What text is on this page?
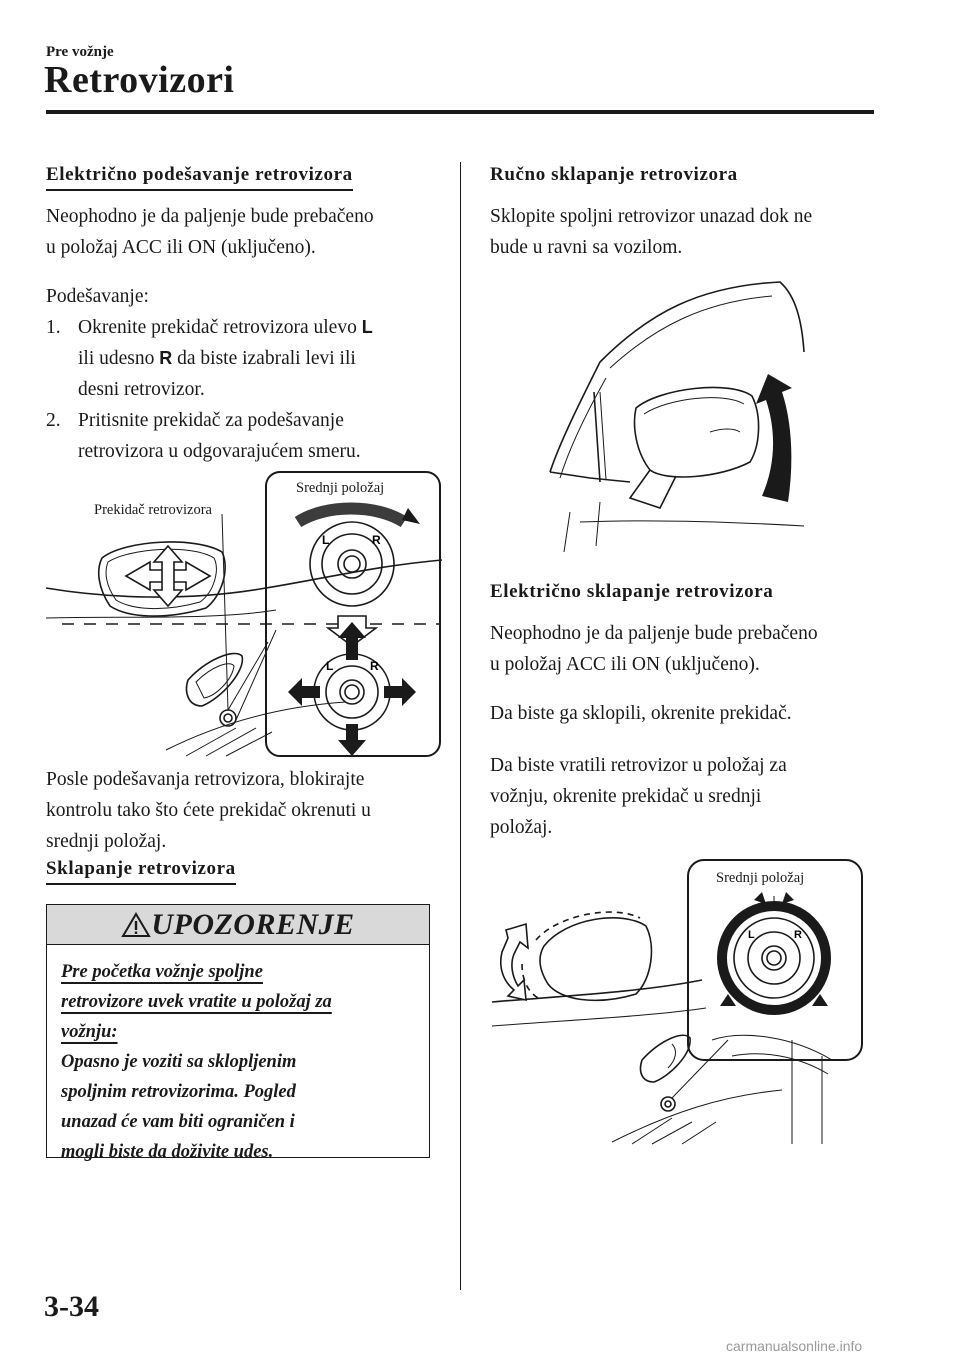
Pre vožnje
Retrovizori
Električno podešavanje retrovizora
Neophodno je da paljenje bude prebačeno
u položaj ACC ili ON (uključeno).
Podešavanje:
1. Okrenite prekidač retrovizora ulevo L
ili udesno R da biste izabrali levi ili
desni retrovizor.
2. Pritisnite prekidač za podešavanje
retrovizora u odgovarajućem smeru.
L	R
L	R
Prekidač retrovizora
Srednji položaj
Posle podešavanja retrovizora, blokirajte
kontrolu tako što ćete prekidač okrenuti u
srednji položaj.
Sklapanje retrovizora
UPOZORENJE
Pre početka vožnje spoljne
retrovizore uvek vratite u položaj za
vožnju:
Opasno je voziti sa sklopljenim
spoljnim retrovizorima. Pogled
unazad će vam biti ograničen i
mogli biste da doživite udes.
Ručno sklapanje retrovizora
Sklopite spoljni retrovizor unazad dok ne
bude u ravni sa vozilom.
Električno sklapanje retrovizora
Neophodno je da paljenje bude prebačeno
u položaj ACC ili ON (uključeno).
Da biste ga sklopili, okrenite prekidač.
Da biste vratili retrovizor u položaj za
vožnju, okrenite prekidač u srednji
položaj.
L	R
Srednji položaj
3-34
carmanualsonline.info
